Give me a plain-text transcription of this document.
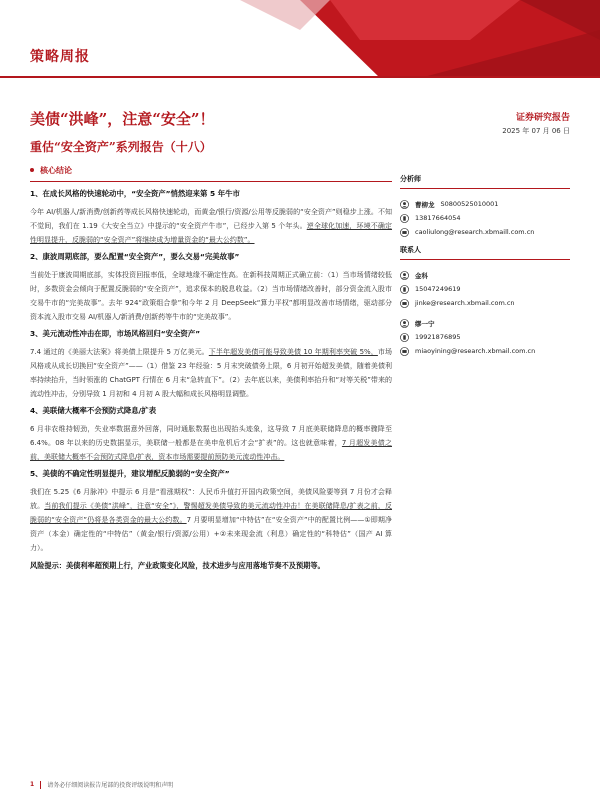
策略周报
美债“洪峰”，注意“安全”！
重估“安全资产”系列报告（十八）
证券研究报告
2025 年 07 月 06 日
核心结论
1、在成长风格的快速轮动中，“安全资产”悄然迎来第 5 年牛市
今年 AI/机器人/新消费/创新药等成长风格快速轮动，而黄金/银行/资源/公用等反脆弱的“安全资产”则稳步上涨。不知不觉间，我们在 1.19《大安全当立》中提示的“安全资产牛市”，已经步入第 5 个年头。逆全球化加速，环境不确定性明显提升，反脆弱的“安全资产”将继续成为增量资金的“最大公约数”。
2、康波周期底部，要么配置“安全资产”，要么交易“完美故事”
当前处于康波周期底部，实体投资回报率低，全球地缘不确定性高。在新科技周期正式确立前：（1）当市场情绪较低时，多数资金会倾向于配置反脆弱的“安全资产”，追求保本的脱息收益。（2）当市场情绪改善时，部分资金流入股市交易牛市的“完美故事”。去年 924“政策组合拳”和今年 2 月 DeepSeek“算力平权”都明显改善市场情绪，驱动部分资本流入股市交易 AI/机器人/新消费/创新药等牛市的“完美故事”。
3、美元流动性冲击在即，市场风格回归“安全资产”
7.4 通过的《美丽大法案》将美债上限提升 5 万亿美元。下半年超发美债可能导致美债 10 年期利率突破 5%，市场风格或从成长切换回“安全资产”——（1）借鉴 23 年经验：5 月末突破债务上限，6 月初开始超发美债，随着美债利率持续抬升，当时领涨的 ChatGPT 行情在 6 月末“急转直下”。（2）去年底以来，美债利率抬升和“对等关税”带来的流动性冲击，分别导致 1 月初和 4 月初 A 股大幅和成长风格明显调整。
4、美联储大概率不会预防式降息/扩表
6 月非农维持韧劲，失业率数据意外回落，同时通胀数据也出现抬头迹象，这导致 7 月底美联储降息的概率骤降至 6.4%。08 年以来的历史数据显示，美联储一般都是在美申危机后才会“扩表”的。这也就意味着，7 月超发美债之前，美联储大概率不会预防式降息/扩表，资本市场需要提前预防美元流动性冲击。
5、美债的不确定性明显提升，建议增配反脆弱的“安全资产”
我们在 5.25《6 月脉冲》中提示 6 月是“看涨期权”：人民币升值打开国内政策空间，美债风险要等到 7 月份才会释放。当前我们提示《美债“洪峰”，注意“安全”》，警惕超发美债导致的美元流动性冲击！在美联储降息/扩表之前，反脆弱的“安全资产”仍将是各类资金的最大公约数。7 月要明显增加“中特估”在“安全资产”中的配置比例——①即期净资产（本金）确定性的“中特估”（黄金/银行/资源/公用）+②未来现金流（利息）确定性的“科特估”（国产 AI 算力）。
风险提示：美债利率超预期上行，产业政策变化风险，技术进步与应用落地节奏不及预期等。
分析师
曹柳龙 S0800525010001
13817664054
caoliulong@research.xbmaill.com.cn
联系人
金科
15047249619
jinke@research.xbmail.com.cn
缪一宁
19921876895
miaoyining@research.xbmail.com.cn
1 请务必仔细阅读报告尾部的投资评级说明和声明
